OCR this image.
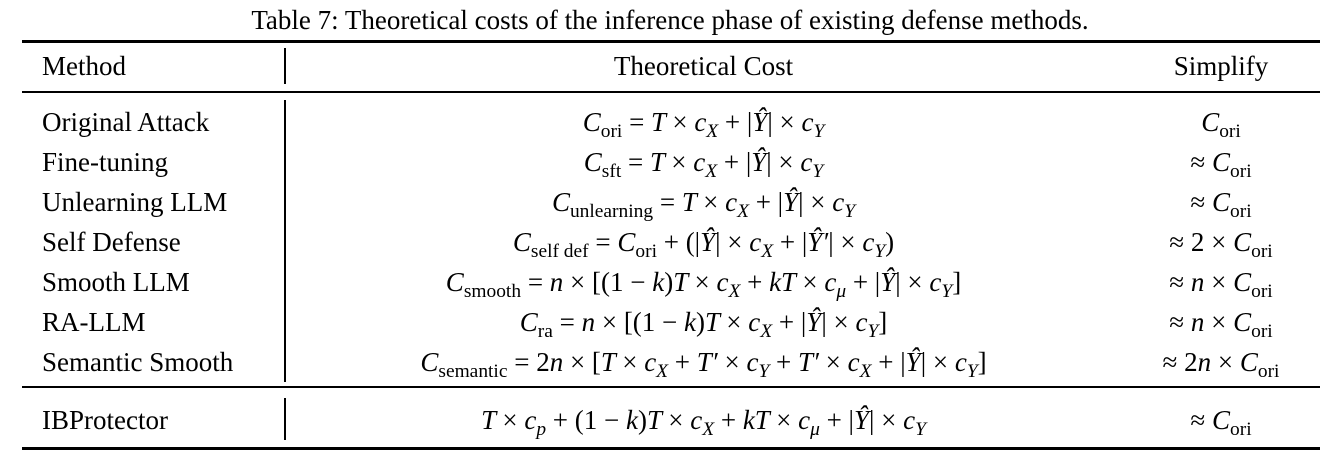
Table 7: Theoretical costs of the inference phase of existing defense methods.
Method	Theoretical Cost	Simplify
Original Attack	$C_{ori} = T \times c_X$ + |Ŷ| × $c_Y$	$C_{ori}$
Fine-tuning	$C_{sft} = T \times c_X$ + |Ŷ| × $c_Y$	≈ $C_{ori}$
Unlearning LLM	$C_{unlearning} = T \times c_X$ + |Ŷ| × $c_Y$	≈ $C_{ori}$
Self Defense	$C_{self def} = C_{ori}$ + (|Ŷ| × $c_X$ + |Ŷ′| × $c_Y$)	≈ $2 \times C_{ori}$
Smooth LLM	$C_{smooth} = n \times [(1 - k)T \times c_X$ + kT × $c_\mu$ + |Ŷ| × $c_Y$]	≈ $n \times C_{ori}$
RA-LLM	$C_{ra} = n \times [(1 - k)T \times c_X$ + |Ŷ| × $c_Y$]	≈ $n \times C_{ori}$
Semantic Smooth	$C_{semantic} = 2n \times [T \times c_X + T' \times c_Y + T' \times c_X$ + |Ŷ| × $c_Y$]	≈ $2n \times C_{ori}$
IBProtector	$T \times c_p + (1 - k)T \times c_X$ + kT × $c_\mu$ + |Ŷ| × $c_Y$	≈ $C_{ori}$
